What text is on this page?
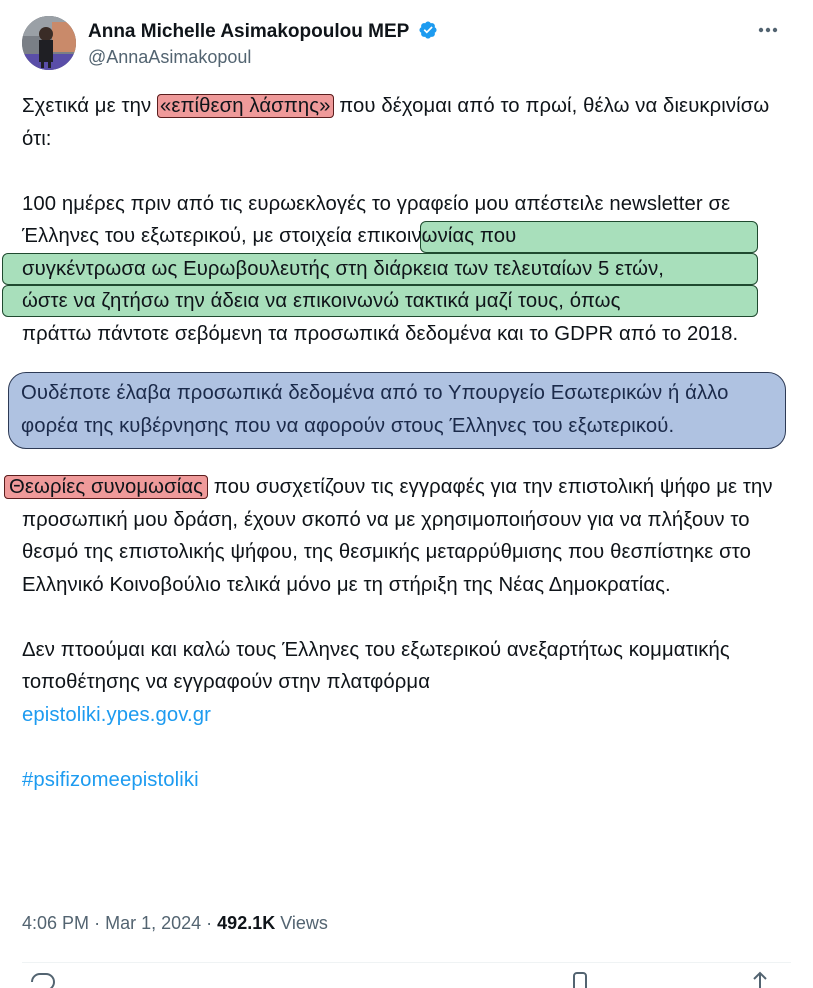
Anna Michelle Asimakopoulou MEP
@AnnaAsimakopoul

Σχετικά με την «επίθεση λάσπης» που δέχομαι από το πρωί, θέλω να διευκρινίσω ότι:

100 ημέρες πριν από τις ευρωεκλογές το γραφείο μου απέστειλε newsletter σε Έλληνες του εξωτερικού, με στοιχεία επικοινωνίας που
συγκέντρωσα ως Ευρωβουλευτής στη διάρκεια των τελευταίων 5 ετών,
ώστε να ζητήσω την άδεια να επικοινωνώ τακτικά μαζί τους, όπως
πράττω πάντοτε σεβόμενη τα προσωπικά δεδομένα και το GDPR από το 2018.

Ουδέποτε έλαβα προσωπικά δεδομένα από το Υπουργείο Εσωτερικών ή άλλο φορέα της κυβέρνησης που να αφορούν στους Έλληνες του εξωτερικού.

Θεωρίες συνομωσίας που συσχετίζουν τις εγγραφές για την επιστολική ψήφο με την προσωπική μου δράση, έχουν σκοπό να με χρησιμοποιήσουν για να πλήξουν το θεσμό της επιστολικής ψήφου, της θεσμικής μεταρρύθμισης που θεσπίστηκε στο Ελληνικό Κοινοβούλιο τελικά μόνο με τη στήριξη της Νέας Δημοκρατίας.

Δεν πτοούμαι και καλώ τους Έλληνες του εξωτερικού ανεξαρτήτως κομματικής τοποθέτησης να εγγραφούν στην πλατφόρμα
epistoliki.ypes.gov.gr

#psifizomeepistoliki

4:06 PM · Mar 1, 2024 · 492.1K Views
